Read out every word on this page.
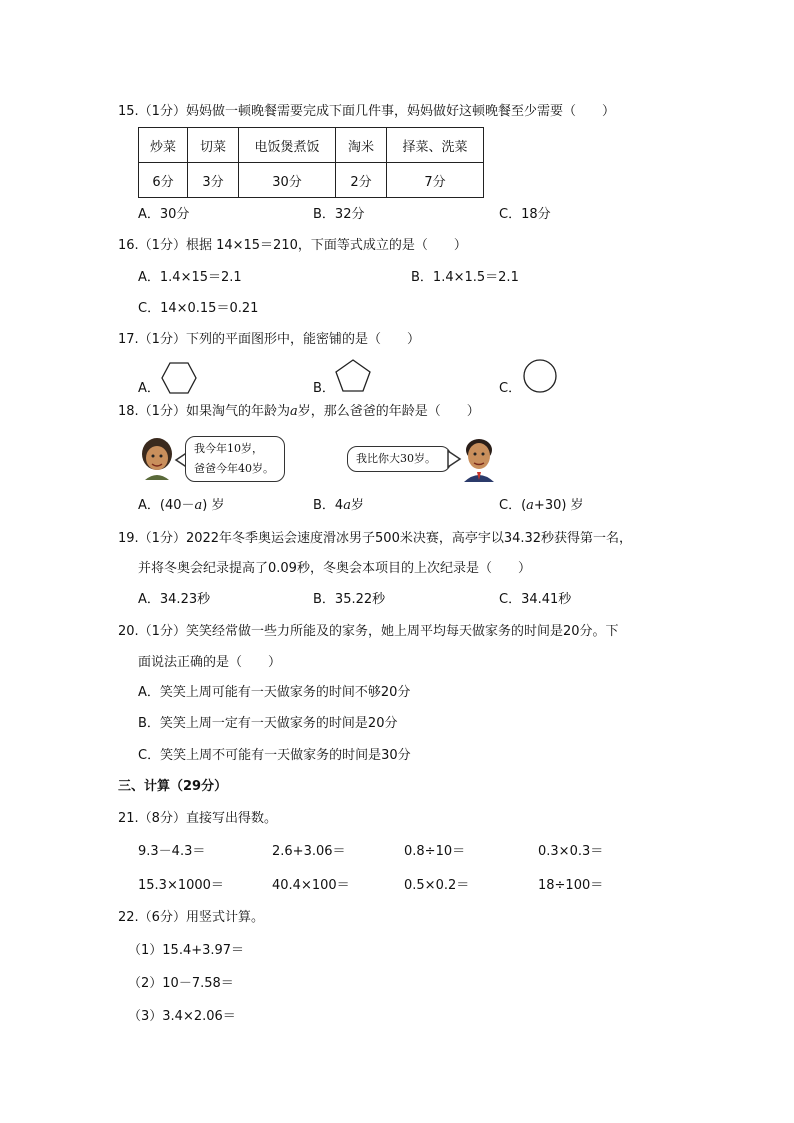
15.（1分）妈妈做一顿晚餐需要完成下面几件事，妈妈做好这顿晚餐至少需要（　　）
炒菜	切菜	电饭煲煮饭	淘米	择菜、洗菜
6分	3分	30分	2分	7分
A．30分	B．32分	C．18分
16.（1分）根据 14×15＝210，下面等式成立的是（　　）
A．1.4×15＝2.1	B．1.4×1.5＝2.1
C．14×0.15＝0.21
17.（1分）下列的平面图形中，能密铺的是（　　）
A．	B．	C．
18.（1分）如果淘气的年龄为a岁，那么爸爸的年龄是（　　）
我今年10岁，
爸爸今年40岁。
我比你大30岁。
A．(40－a) 岁	B．4a岁	C．(a+30) 岁
19.（1分）2022年冬季奥运会速度滑冰男子500米决赛，高亭宇以34.32秒获得第一名，
并将冬奥会纪录提高了0.09秒，冬奥会本项目的上次纪录是（　　）
A．34.23秒	B．35.22秒	C．34.41秒
20.（1分）笑笑经常做一些力所能及的家务，她上周平均每天做家务的时间是20分。下
面说法正确的是（　　）
A．笑笑上周可能有一天做家务的时间不够20分
B．笑笑上周一定有一天做家务的时间是20分
C．笑笑上周不可能有一天做家务的时间是30分
三、计算（29分）
21.（8分）直接写出得数。
9.3－4.3＝	2.6+3.06＝	0.8÷10＝	0.3×0.3＝
15.3×1000＝	40.4×100＝	0.5×0.2＝	18÷100＝
22.（6分）用竖式计算。
（1）15.4+3.97＝
（2）10－7.58＝
（3）3.4×2.06＝
